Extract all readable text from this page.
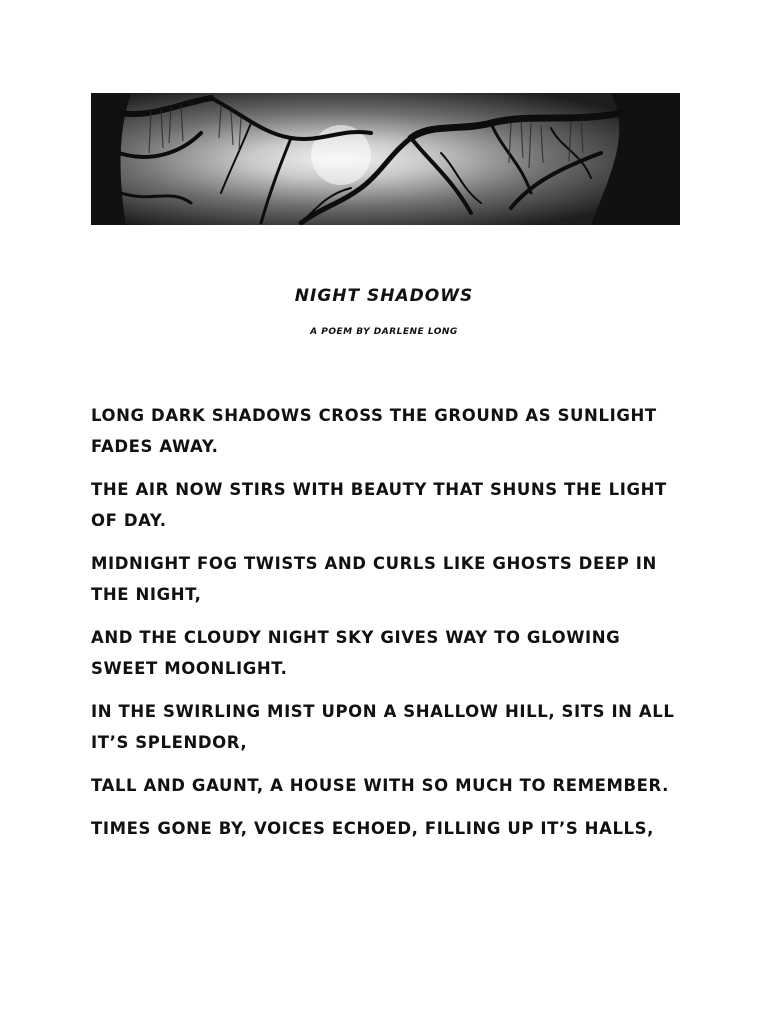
NIGHT SHADOWS
A POEM BY DARLENE LONG

LONG DARK SHADOWS CROSS THE GROUND AS SUNLIGHT FADES AWAY.

THE AIR NOW STIRS WITH BEAUTY THAT SHUNS THE LIGHT OF DAY.

MIDNIGHT FOG TWISTS AND CURLS LIKE GHOSTS DEEP IN THE NIGHT,

AND THE CLOUDY NIGHT SKY GIVES WAY TO GLOWING SWEET MOONLIGHT.

IN THE SWIRLING MIST UPON A SHALLOW HILL, SITS IN ALL IT’S SPLENDOR,

TALL AND GAUNT, A HOUSE WITH SO MUCH TO REMEMBER.

TIMES GONE BY, VOICES ECHOED, FILLING UP IT’S HALLS,
